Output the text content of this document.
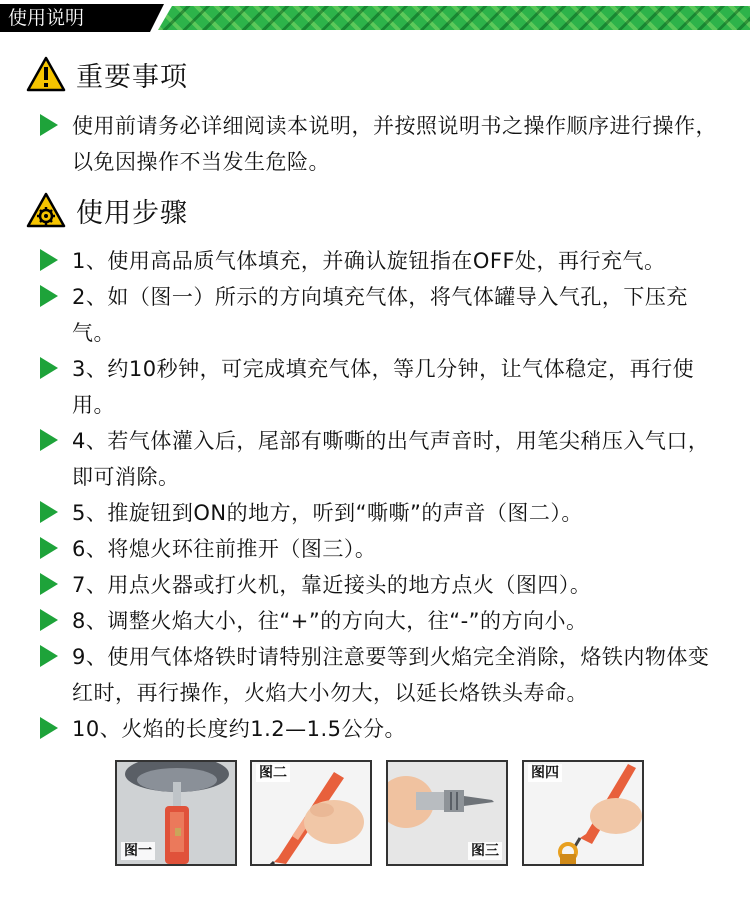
使用说明
重要事项
使用前请务必详细阅读本说明，并按照说明书之操作顺序进行操作，以免因操作不当发生危险。
使用步骤
1、使用高品质气体填充，并确认旋钮指在OFF处，再行充气。
2、如（图一）所示的方向填充气体，将气体罐导入气孔，下压充气。
3、约10秒钟，可完成填充气体，等几分钟，让气体稳定，再行使用。
4、若气体灌入后，尾部有嘶嘶的出气声音时，用笔尖稍压入气口，即可消除。
5、推旋钮到ON的地方，听到“嘶嘶”的声音（图二）。
6、将熄火环往前推开（图三）。
7、用点火器或打火机，靠近接头的地方点火（图四）。
8、调整火焰大小，往“+”的方向大，往“-”的方向小。
9、使用气体烙铁时请特别注意要等到火焰完全消除，烙铁内物体变红时，再行操作，火焰大小勿大，以延长烙铁头寿命。
10、火焰的长度约1.2—1.5公分。
图一
图二
图三
图四
